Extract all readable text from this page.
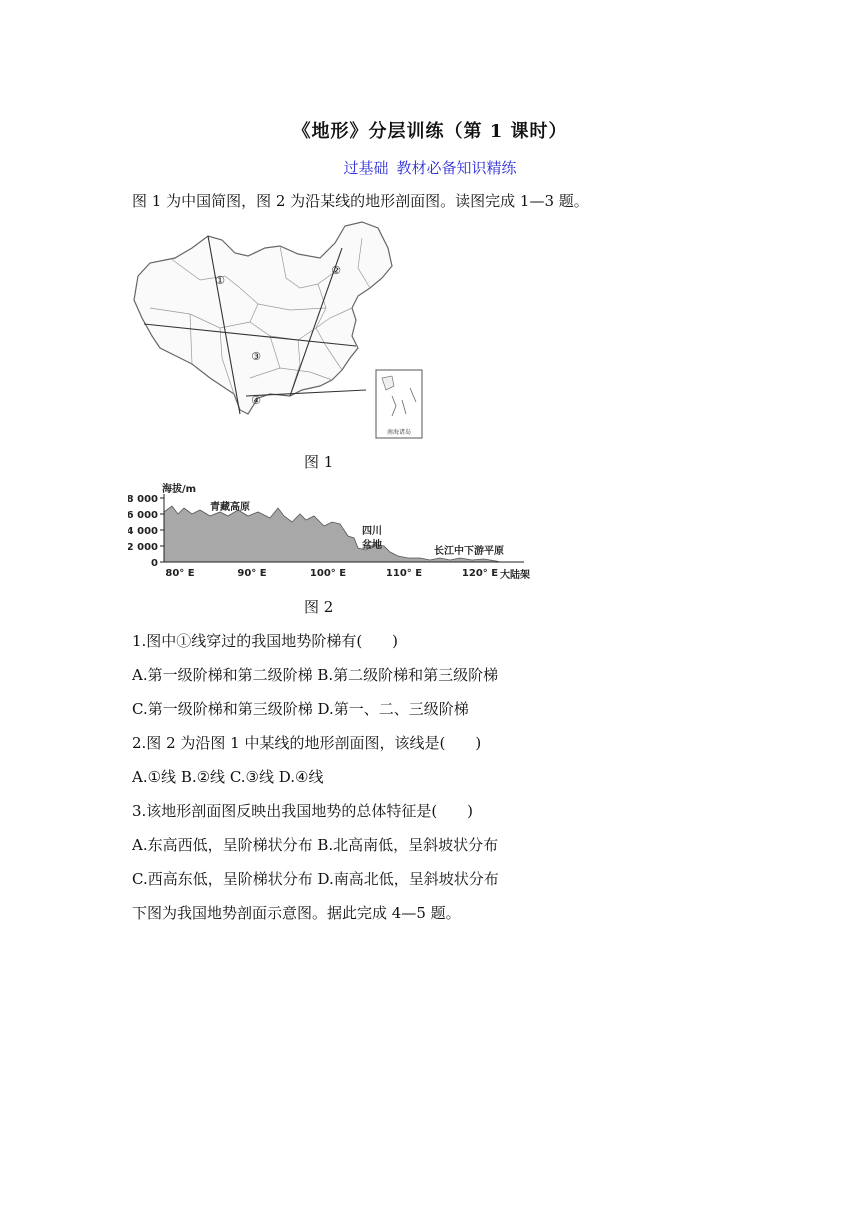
《地形》分层训练（第 1 课时）
过基础 教材必备知识精练
图 1 为中国简图，图 2 为沿某线的地形剖面图。读图完成 1—3 题。
①
②
③
④
南海诸岛
图 1
海拔/m
8 000
6 000
4 000
2 000
0
80° E	90° E	100° E	110° E	120° E
青藏高原
四川
盆地
长江中下游平原
大陆架
图 2
1.图中①线穿过的我国地势阶梯有(　　)
A.第一级阶梯和第二级阶梯 B.第二级阶梯和第三级阶梯
C.第一级阶梯和第三级阶梯 D.第一、二、三级阶梯
2.图 2 为沿图 1 中某线的地形剖面图，该线是(　　)
A.①线 B.②线 C.③线 D.④线
3.该地形剖面图反映出我国地势的总体特征是(　　)
A.东高西低，呈阶梯状分布 B.北高南低，呈斜坡状分布
C.西高东低，呈阶梯状分布 D.南高北低，呈斜坡状分布
下图为我国地势剖面示意图。据此完成 4—5 题。
